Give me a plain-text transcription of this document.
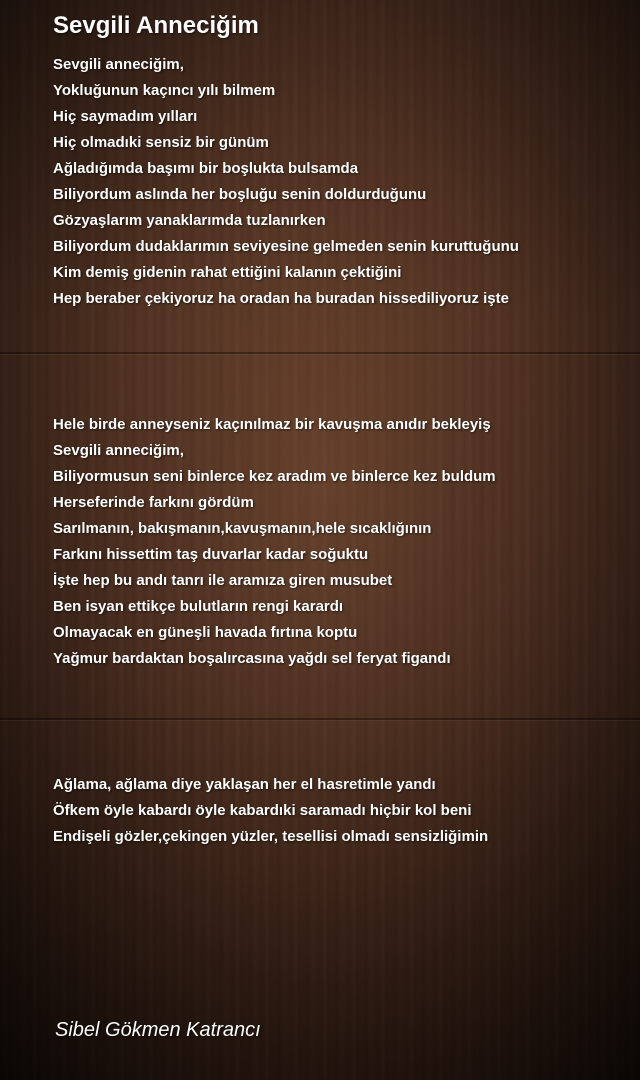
Sevgili Anneciğim
Sevgili anneciğim,
Yokluğunun kaçıncı yılı bilmem
Hiç saymadım yılları
Hiç olmadıki sensiz bir günüm
Ağladığımda başımı bir boşlukta bulsamda
Biliyordum aslında her boşluğu senin doldurduğunu
Gözyaşlarım yanaklarımda tuzlanırken
Biliyordum dudaklarımın seviyesine gelmeden senin kuruttuğunu
Kim demiş gidenin rahat ettiğini kalanın çektiğini
Hep beraber çekiyoruz ha oradan ha buradan hissediliyoruz işte
Hele birde anneyseniz kaçınılmaz bir kavuşma anıdır bekleyiş
Sevgili anneciğim,
Biliyormusun seni binlerce kez aradım ve binlerce kez buldum
Herseferinde farkını gördüm
Sarılmanın, bakışmanın,kavuşmanın,hele sıcaklığının
Farkını hissettim taş duvarlar kadar soğuktu
İşte hep bu andı tanrı ile aramıza giren musubet
Ben isyan ettikçe bulutların rengi karardı
Olmayacak en güneşli havada fırtına koptu
Yağmur bardaktan boşalırcasına yağdı sel feryat figandı
Ağlama, ağlama diye yaklaşan her el hasretimle yandı
Öfkem öyle kabardı öyle kabardıki saramadı hiçbir kol beni
Endişeli gözler,çekingen yüzler, tesellisi olmadı sensizliğimin
Sibel Gökmen Katrancı
